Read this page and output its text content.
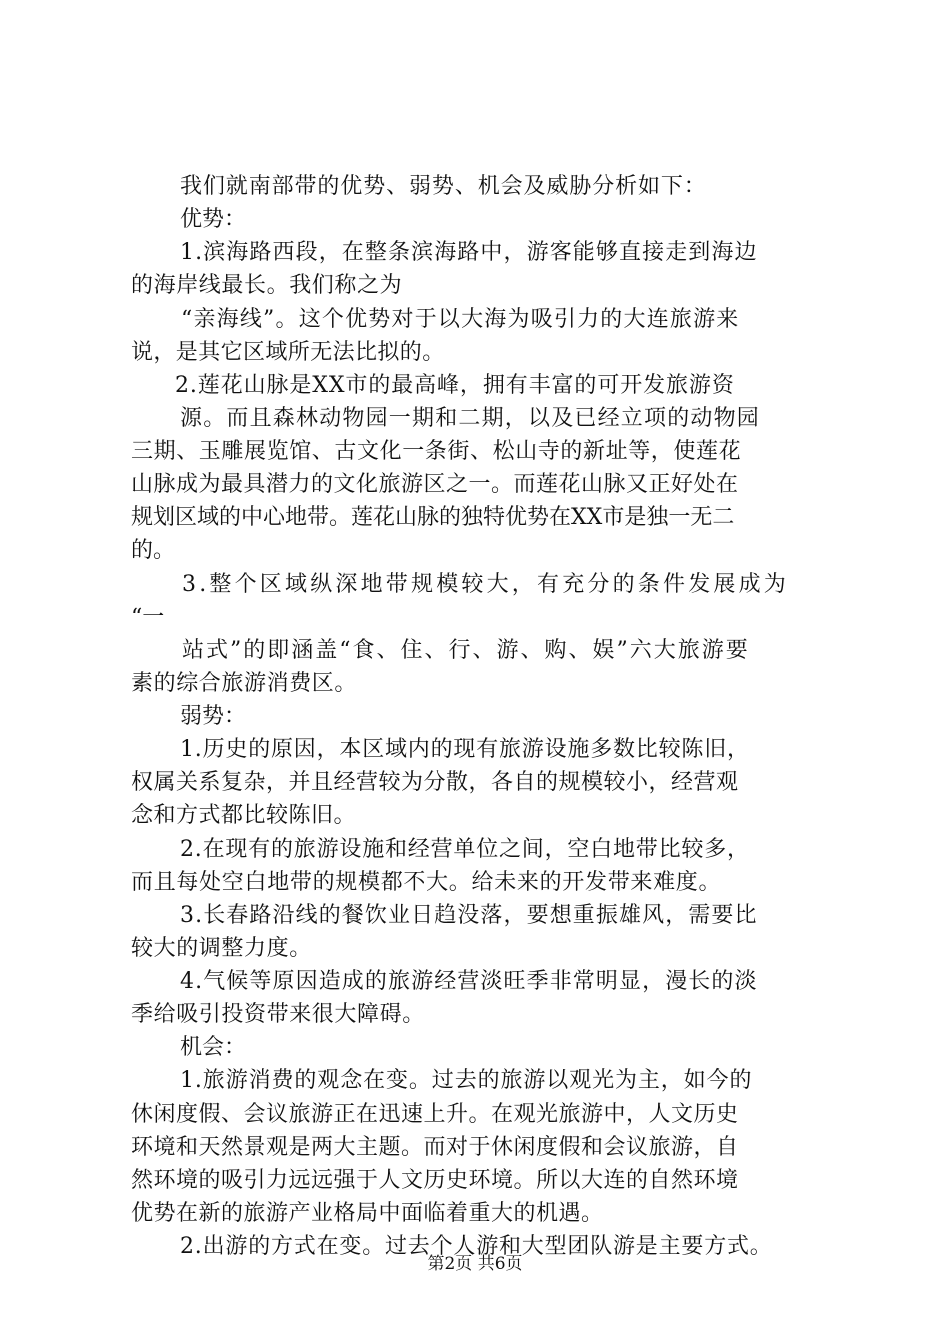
我们就南部带的优势、弱势、机会及威胁分析如下：
优势：
1.滨海路西段，在整条滨海路中，游客能够直接走到海边
的海岸线最长。我们称之为
“亲海线”。这个优势对于以大海为吸引力的大连旅游来
说，是其它区域所无法比拟的。
2.莲花山脉是XX市的最高峰，拥有丰富的可开发旅游资
源。而且森林动物园一期和二期，以及已经立项的动物园
三期、玉雕展览馆、古文化一条街、松山寺的新址等，使莲花
山脉成为最具潜力的文化旅游区之一。而莲花山脉又正好处在
规划区域的中心地带。莲花山脉的独特优势在XX市是独一无二
的。
3.整个区域纵深地带规模较大，有充分的条件发展成为
“一
站式”的即涵盖“食、住、行、游、购、娱”六大旅游要
素的综合旅游消费区。
弱势：
1.历史的原因，本区域内的现有旅游设施多数比较陈旧，
权属关系复杂，并且经营较为分散，各自的规模较小，经营观
念和方式都比较陈旧。
2.在现有的旅游设施和经营单位之间，空白地带比较多，
而且每处空白地带的规模都不大。给未来的开发带来难度。
3.长春路沿线的餐饮业日趋没落，要想重振雄风，需要比
较大的调整力度。
4.气候等原因造成的旅游经营淡旺季非常明显，漫长的淡
季给吸引投资带来很大障碍。
机会：
1.旅游消费的观念在变。过去的旅游以观光为主，如今的
休闲度假、会议旅游正在迅速上升。在观光旅游中，人文历史
环境和天然景观是两大主题。而对于休闲度假和会议旅游，自
然环境的吸引力远远强于人文历史环境。所以大连的自然环境
优势在新的旅游产业格局中面临着重大的机遇。
2.出游的方式在变。过去个人游和大型团队游是主要方式。
第2页 共6页
